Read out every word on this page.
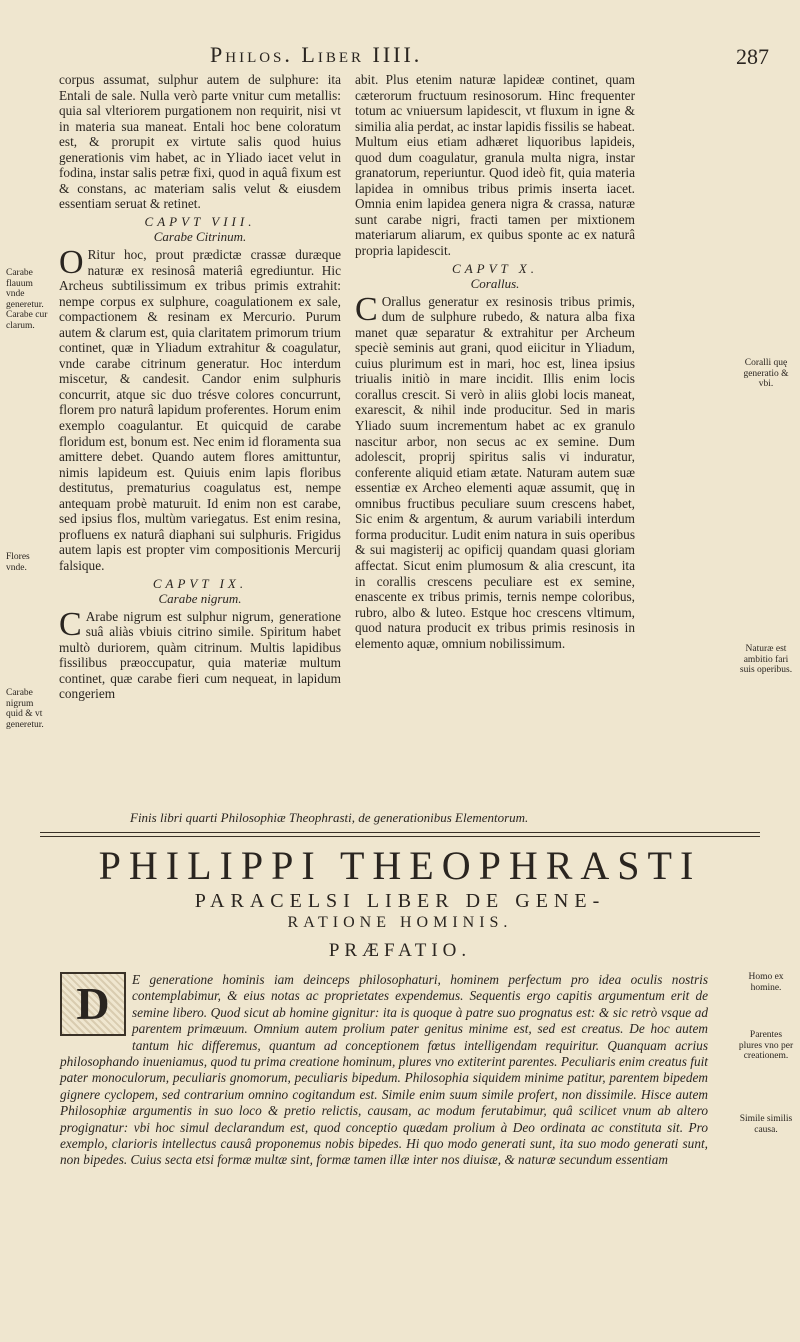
Philos. Liber IIII.	287

corpus assumat, sulphur autem de sulphure: ita Entali de sale. Nulla verò parte vnitur cum metallis: quia sal vlteriorem purgationem non requirit, nisi vt in materia sua maneat. Entali hoc bene coloratum est, & prorupit ex virtute salis quod huius generationis vim habet, ac in Yliado iacet velut in fodina, instar salis petræ fixi, quod in aquâ fixum est & constans, ac materiam salis velut & eiusdem essentiam seruat & retinet.

CAPVT VIII.
Carabe Citrinum.

O Ritur hoc, prout prædictæ crassæ duræque naturæ ex resinosâ materiâ egrediuntur. Hic Archeus subtilissimum ex tribus primis extrahit: nempe corpus ex sulphure, coagulationem ex sale, compactionem & resinam ex Mercurio. Purum autem & clarum est, quia claritatem primorum trium continet, quæ in Yliadum extrahitur & coagulatur, vnde carabe citrinum generatur. Hoc interdum miscetur, & candesit. Candor enim sulphuris concurrit, atque sic duo trésve colores concurrunt, florem pro naturâ lapidum proferentes. Horum enim exemplo coagulantur. Et quicquid de carabe floridum est, bonum est. Nec enim id floramenta sua amittere debet. Quando autem flores amittuntur, nimis lapideum est. Quiuis enim lapis floribus destitutus, prematurius coagulatus est, nempe antequam probè maturuit. Id enim non est carabe, sed ipsius flos, multùm variegatus. Est enim resina, profluens ex naturâ diaphani sui sulphuris. Frigidus autem lapis est propter vim compositionis Mercurij falsique.

CAPVT IX.
Carabe nigrum.

C Arabe nigrum est sulphur nigrum, generatione suâ aliàs vbiuis citrino simile. Spiritum habet multò duriorem, quàm citrinum. Multis lapidibus fissilibus præoccupatur, quia materiæ multum continet, quæ carabe fieri cum nequeat, in lapidum congeriem

abit. Plus etenim naturæ lapideæ continet, quam cæterorum fructuum resinosorum. Hinc frequenter totum ac vniuersum lapidescit, vt fluxum in igne & similia alia perdat, ac instar lapidis fissilis se habeat. Multum eius etiam adhæret liquoribus lapideis, quod dum coagulatur, granula multa nigra, instar granatorum, reperiuntur. Quod ideò fit, quia materia lapidea in omnibus tribus primis inserta iacet. Omnia enim lapidea genera nigra & crassa, naturæ sunt carabe nigri, fracti tamen per mixtionem materiarum aliarum, ex quibus sponte ac ex naturâ propria lapidescit.

CAPVT X.
Corallus.

C Orallus generatur ex resinosis tribus primis, dum de sulphure rubedo, & natura alba fixa manet quæ separatur & extrahitur per Archeum speciè seminis aut grani, quod eiicitur in Yliadum, cuius plurimum est in mari, hoc est, linea ipsius triualis initiò in mare incidit. Illis enim locis corallus crescit. Si verò in aliis globi locis maneat, exarescit, & nihil inde producitur. Sed in maris Yliado suum incrementum habet ac ex granulo nascitur arbor, non secus ac ex semine. Dum adolescit, proprij spiritus salis vi induratur, conferente aliquid etiam ætate. Naturam autem suæ essentiæ ex Archeo elementi aquæ assumit, quę in omnibus fructibus peculiare suum crescens habet, Sic enim & argentum, & aurum variabili interdum forma producitur. Ludit enim natura in suis operibus & sui magisterij ac opificij quandam quasi gloriam affectat. Sicut enim plumosum & alia crescunt, ita in corallis crescens peculiare est ex semine, enascente ex tribus primis, ternis nempe coloribus, rubro, albo & luteo. Estque hoc crescens vltimum, quod natura producit ex tribus primis resinosis in elemento aquæ, omnium nobilissimum.

Carabe flauum vnde generetur. Carabe cur clarum.
Flores vnde.
Carabe nigrum quid & vt generetur.
Coralli quę generatio & vbi.
Naturæ est ambitio fari suis operibus.
Homo ex homine.
Parentes plures vno per creationem.
Simile similis causa.
Finis libri quarti Philosophiæ Theophrasti, de generationibus Elementorum.
PHILIPPI THEOPHRASTI
PARACELSI LIBER DE GENE-
RATIONE HOMINIS.
PRÆFATIO.
D	E generatione hominis iam deinceps philosophaturi, hominem perfectum pro idea oculis nostris contemplabimur, & eius notas ac proprietates expendemus. Sequentis ergo capitis argumentum erit de semine libero. Quod sicut ab homine gignitur: ita is quoque à patre suo prognatus est: & sic retrò vsque ad parentem primæuum. Omnium autem prolium pater genitus minime est, sed est creatus. De hoc autem tantum hic differemus, quantum ad conceptionem fœtus intelligendam requiritur. Quanquam acrius philosophando inueniamus, quod tu prima creatione hominum, plures vno extiterint parentes. Peculiaris enim creatus fuit pater monoculorum, peculiaris gnomorum, peculiaris bipedum. Philosophia siquidem minime patitur, parentem bipedem gignere cyclopem, sed contrarium omnino cogitandum est. Simile enim suum simile profert, non dissimile. Hisce autem Philosophiæ argumentis in suo loco & pretio relictis, causam, ac modum ferutabimur, quâ scilicet vnum ab altero progignatur: vbi hoc simul declarandum est, quod conceptio quædam prolium à Deo ordinata ac constituta sit. Pro exemplo, clarioris intellectus causâ proponemus nobis bipedes. Hi quo modo generati sunt, ita suo modo generati sunt, non bipedes. Cuius secta etsi formæ multæ sint, formæ tamen illæ inter nos diuisæ, & naturæ secundum essentiam
